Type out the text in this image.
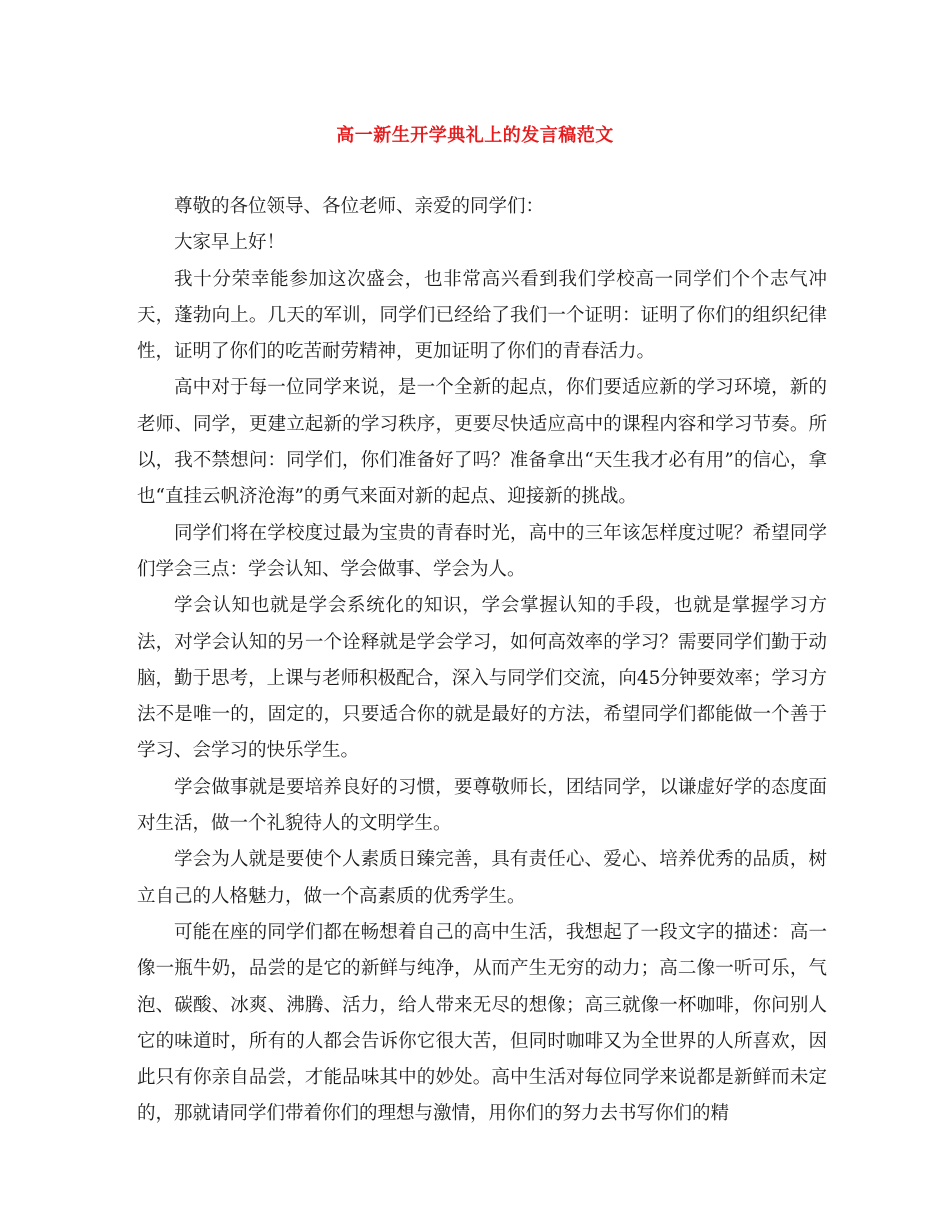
高一新生开学典礼上的发言稿范文

尊敬的各位领导、各位老师、亲爱的同学们：

大家早上好！

我十分荣幸能参加这次盛会，也非常高兴看到我们学校高一同学们个个志气冲天，蓬勃向上。几天的军训，同学们已经给了我们一个证明：证明了你们的组织纪律性，证明了你们的吃苦耐劳精神，更加证明了你们的青春活力。

高中对于每一位同学来说，是一个全新的起点，你们要适应新的学习环境，新的老师、同学，更建立起新的学习秩序，更要尽快适应高中的课程内容和学习节奏。所以，我不禁想问：同学们，你们准备好了吗？准备拿出“天生我才必有用”的信心，拿也“直挂云帆济沧海”的勇气来面对新的起点、迎接新的挑战。

同学们将在学校度过最为宝贵的青春时光，高中的三年该怎样度过呢？希望同学们学会三点：学会认知、学会做事、学会为人。

学会认知也就是学会系统化的知识，学会掌握认知的手段，也就是掌握学习方法，对学会认知的另一个诠释就是学会学习，如何高效率的学习？需要同学们勤于动脑，勤于思考，上课与老师积极配合，深入与同学们交流，向45分钟要效率；学习方法不是唯一的，固定的，只要适合你的就是最好的方法，希望同学们都能做一个善于学习、会学习的快乐学生。

学会做事就是要培养良好的习惯，要尊敬师长，团结同学，以谦虚好学的态度面对生活，做一个礼貌待人的文明学生。

学会为人就是要使个人素质日臻完善，具有责任心、爱心、培养优秀的品质，树立自己的人格魅力，做一个高素质的优秀学生。

可能在座的同学们都在畅想着自己的高中生活，我想起了一段文字的描述：高一像一瓶牛奶，品尝的是它的新鲜与纯净，从而产生无穷的动力；高二像一听可乐，气泡、碳酸、冰爽、沸腾、活力，给人带来无尽的想像；高三就像一杯咖啡，你问别人它的味道时，所有的人都会告诉你它很大苦，但同时咖啡又为全世界的人所喜欢，因此只有你亲自品尝，才能品味其中的妙处。高中生活对每位同学来说都是新鲜而未定的，那就请同学们带着你们的理想与激情，用你们的努力去书写你们的精
